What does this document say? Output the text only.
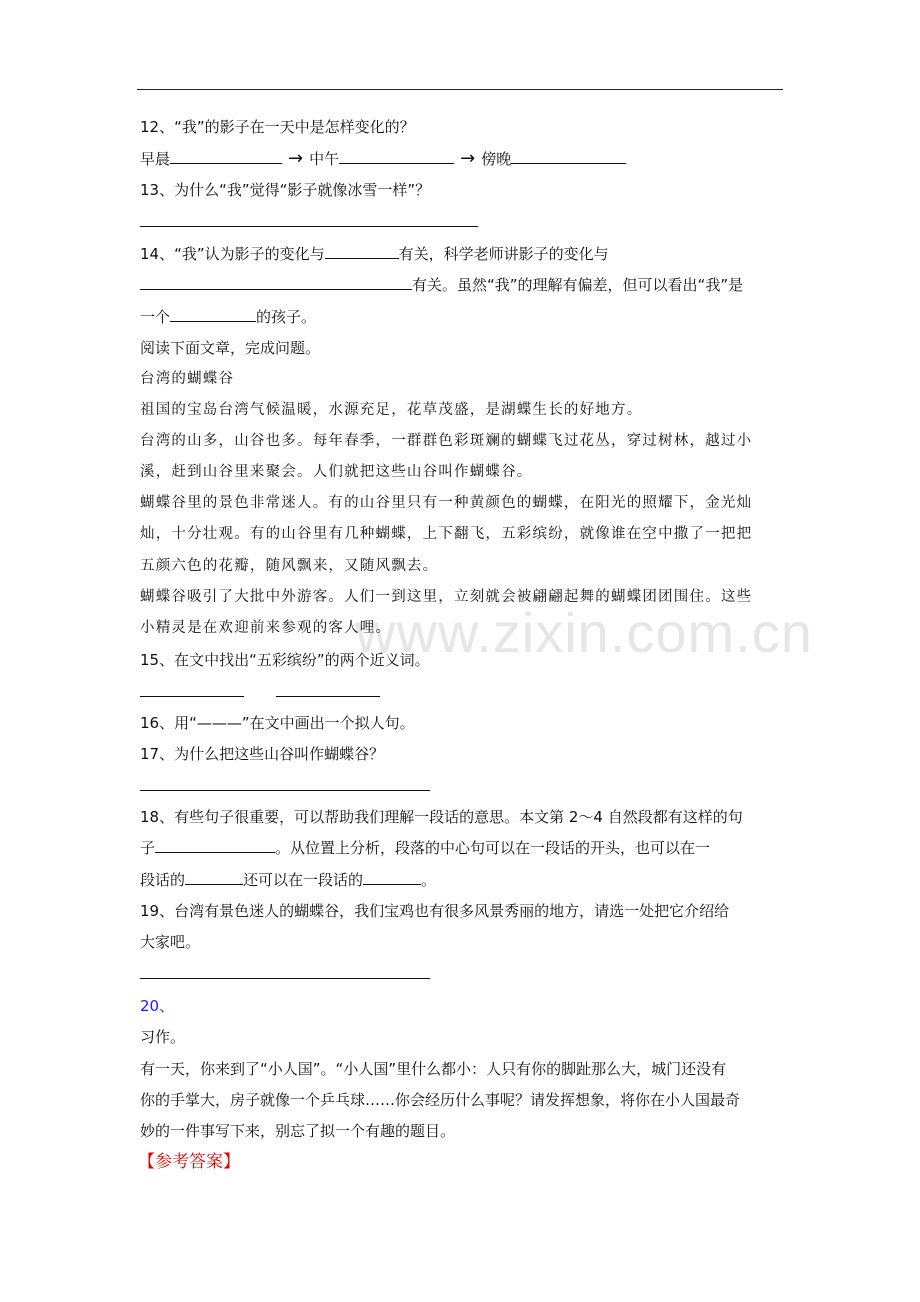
www.zixin.com.cn
12、“我”的影子在一天中是怎样变化的？
早晨	→ 中午	→ 傍晚
13、为什么“我”觉得“影子就像冰雪一样”？
14、“我”认为影子的变化与	有关，科学老师讲影子的变化与
有关。虽然“我”的理解有偏差，但可以看出“我”是
一个	的孩子。
阅读下面文章，完成问题。
台湾的蝴蝶谷
祖国的宝岛台湾气候温暖，水源充足，花草茂盛，是湖蝶生长的好地方。
台湾的山多，山谷也多。每年春季，一群群色彩斑斓的蝴蝶飞过花丛，穿过树林，越过小
溪，赶到山谷里来聚会。人们就把这些山谷叫作蝴蝶谷。
蝴蝶谷里的景色非常迷人。有的山谷里只有一种黄颜色的蝴蝶，在阳光的照耀下，金光灿
灿，十分壮观。有的山谷里有几种蝴蝶，上下翻飞，五彩缤纷，就像谁在空中撒了一把把
五颜六色的花瓣，随风飘来，又随风飘去。
蝴蝶谷吸引了大批中外游客。人们一到这里，立刻就会被翩翩起舞的蝴蝶团团围住。这些
小精灵是在欢迎前来参观的客人哩。
15、在文中找出“五彩缤纷”的两个近义词。
16、用“———”在文中画出一个拟人句。
17、为什么把这些山谷叫作蝴蝶谷？
18、有些句子很重要，可以帮助我们理解一段话的意思。本文第 2～4 自然段都有这样的句
子	。从位置上分析，段落的中心句可以在一段话的开头，也可以在一
段话的	还可以在一段话的	。
19、台湾有景色迷人的蝴蝶谷，我们宝鸡也有很多风景秀丽的地方，请选一处把它介绍给
大家吧。
20、
习作。
有一天，你来到了“小人国”。“小人国”里什么都小：人只有你的脚趾那么大，城门还没有
你的手掌大，房子就像一个乒乓球……你会经历什么事呢？请发挥想象，将你在小人国最奇
妙的一件事写下来，别忘了拟一个有趣的题目。
【参考答案】
